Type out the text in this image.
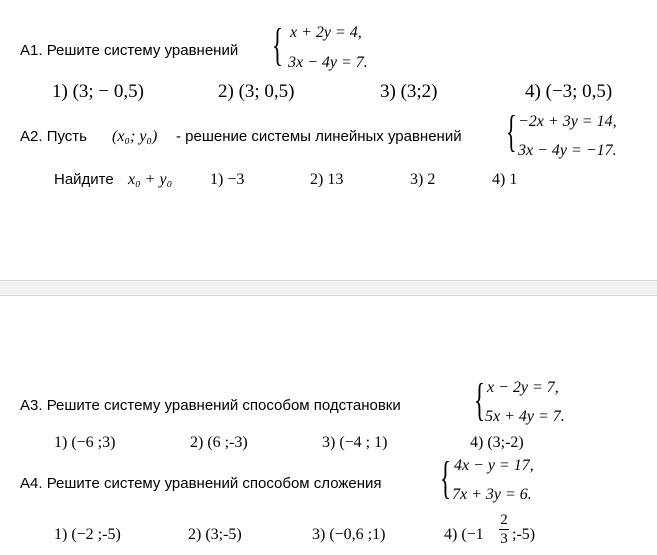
A1. Решите систему уравнений { x + 2y = 4,
3x − 4y = 7.
1) (3; − 0,5)	2) (3; 0,5)	3) (3;2)	4) (−3; 0,5)
A2. Пусть (x₀; y₀) - решение системы линейных уравнений { −2x + 3y = 14,
3x − 4y = −17.
Найдите x₀ + y₀ 1) −3	2) 13	3) 2	4) 1
A3. Решите систему уравнений способом подстановки { x − 2y = 7,
5x + 4y = 7.
1) (−6 ;3)	2) (6 ;-3)	3) (−4 ; 1)	4) (3;-2)
A4. Решите систему уравнений способом сложения { 4x − y = 17,
7x + 3y = 6.
1) (−2 ;-5)	2) (3;-5)	3) (−0,6 ;1)	4) (−1
2
3 ;-5)
